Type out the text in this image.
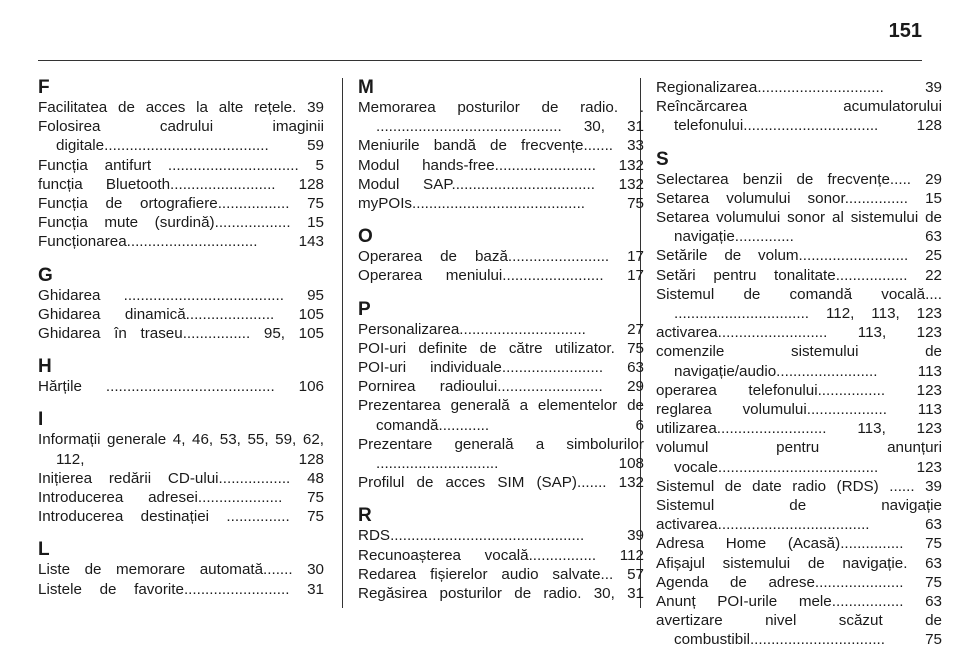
151
F
Facilitatea de acces la alte rețele. 39
Folosirea cadrului imaginii digitale....................................... 59
Funcția antifurt ............................... 5
funcția Bluetooth......................... 128
Funcția de ortografiere................. 75
Funcția mute (surdină).................. 15
Funcționarea............................... 143
G
Ghidarea ...................................... 95
Ghidarea dinamică..................... 105
Ghidarea în traseu................ 95, 105
H
Hărțile ........................................ 106
I
Informații generale 4, 46, 53, 55, 59, 62, 112, 128
Inițierea redării CD-ului................. 48
Introducerea adresei.................... 75
Introducerea destinației ............... 75
L
Liste de memorare automată....... 30
Listele de favorite......................... 31
M
Memorarea posturilor de radio. . ............................................ 30, 31
Meniurile bandă de frecvențe....... 33
Modul hands-free........................ 132
Modul SAP.................................. 132
myPOIs......................................... 75
O
Operarea de bază........................ 17
Operarea meniului........................ 17
P
Personalizarea.............................. 27
POI-uri definite de către utilizator. 75
POI-uri individuale........................ 63
Pornirea radioului......................... 29
Prezentarea generală a elementelor de comandă............ 6
Prezentare generală a simbolurilor ............................. 108
Profilul de acces SIM (SAP)....... 132
R
RDS.............................................. 39
Recunoașterea vocală................ 112
Redarea fișierelor audio salvate... 57
Regăsirea posturilor de radio. 30, 31
Regionalizarea.............................. 39
Reîncărcarea acumulatorului telefonului................................ 128
S
Selectarea benzii de frecvențe..... 29
Setarea volumului sonor............... 15
Setarea volumului sonor al sistemului de navigație.............. 63
Setările de volum.......................... 25
Setări pentru tonalitate................. 22
Sistemul de comandă vocală.... ................................ 112, 113, 123
activarea.......................... 113, 123
comenzile sistemului de navigație/audio........................ 113
operarea telefonului................ 123
reglarea volumului................... 113
utilizarea.......................... 113, 123
volumul pentru anunțuri vocale...................................... 123
Sistemul de date radio (RDS) ...... 39
Sistemul de navigație
activarea.................................... 63
Adresa Home (Acasă)............... 75
Afișajul sistemului de navigație. 63
Agenda de adrese..................... 75
Anunț POI-urile mele................. 63
avertizare nivel scăzut de combustibil................................ 75
